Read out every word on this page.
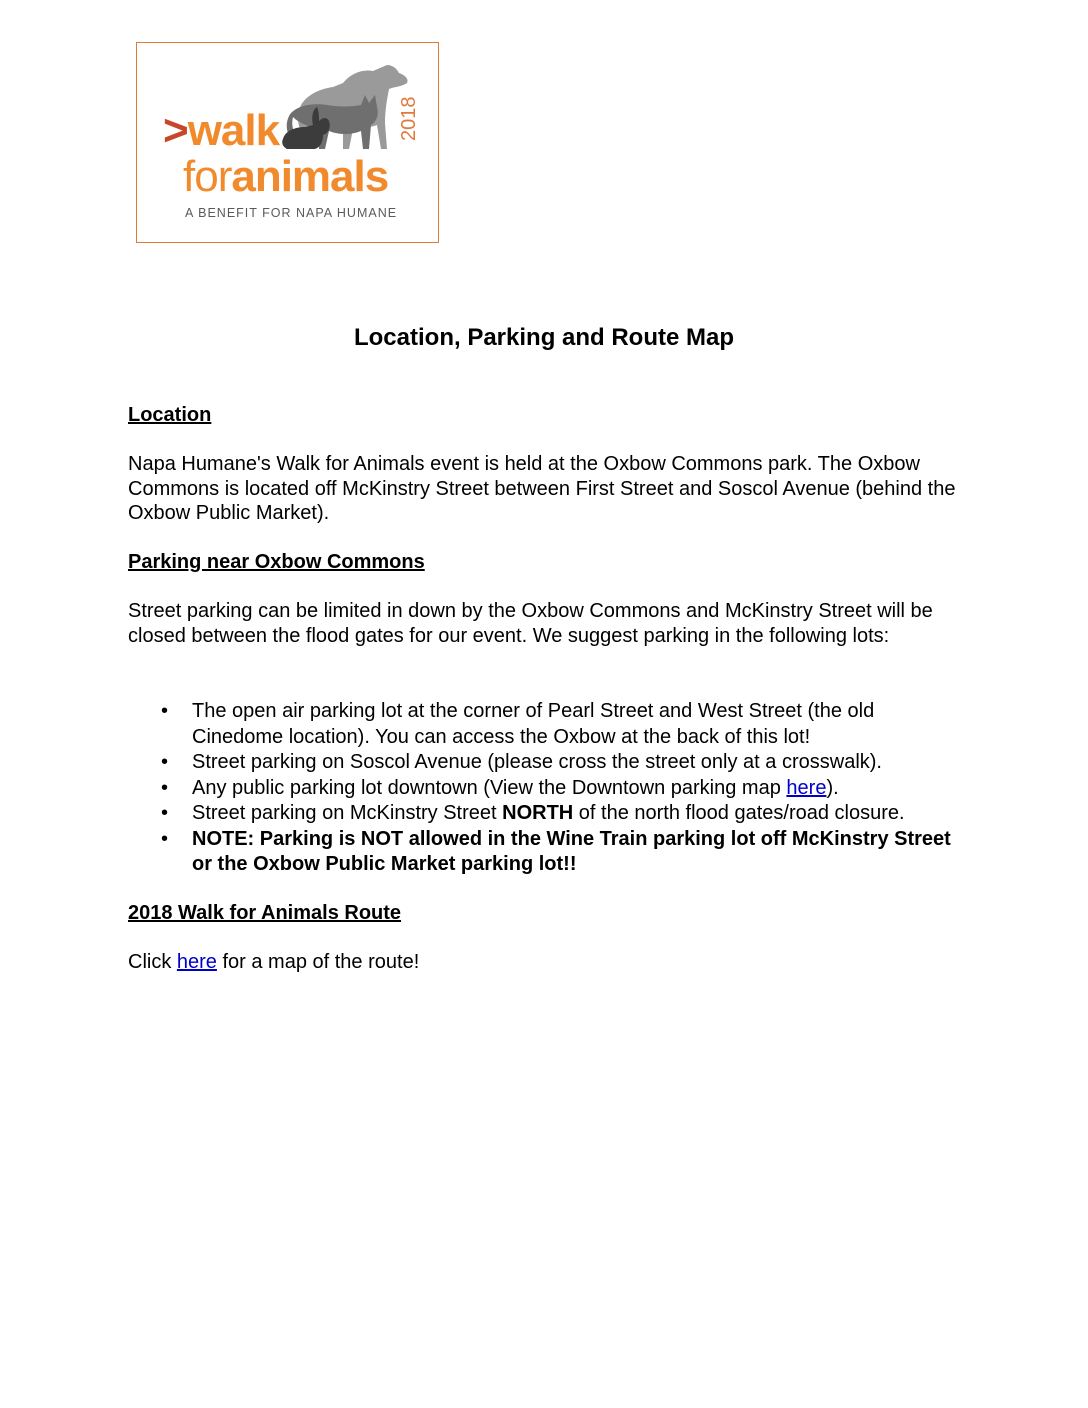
>walk
foranimals
2018
A BENEFIT FOR NAPA HUMANE
Location, Parking and Route Map
Location
Napa Humane's Walk for Animals event is held at the Oxbow Commons park. The Oxbow Commons is located off McKinstry Street between First Street and Soscol Avenue (behind the Oxbow Public Market).
Parking near Oxbow Commons
Street parking can be limited in down by the Oxbow Commons and McKinstry Street will be closed between the flood gates for our event. We suggest parking in the following lots:
• The open air parking lot at the corner of Pearl Street and West Street (the old Cinedome location). You can access the Oxbow at the back of this lot!
• Street parking on Soscol Avenue (please cross the street only at a crosswalk).
• Any public parking lot downtown (View the Downtown parking map here).
• Street parking on McKinstry Street NORTH of the north flood gates/road closure.
• NOTE: Parking is NOT allowed in the Wine Train parking lot off McKinstry Street or the Oxbow Public Market parking lot!!
2018 Walk for Animals Route
Click here for a map of the route!
